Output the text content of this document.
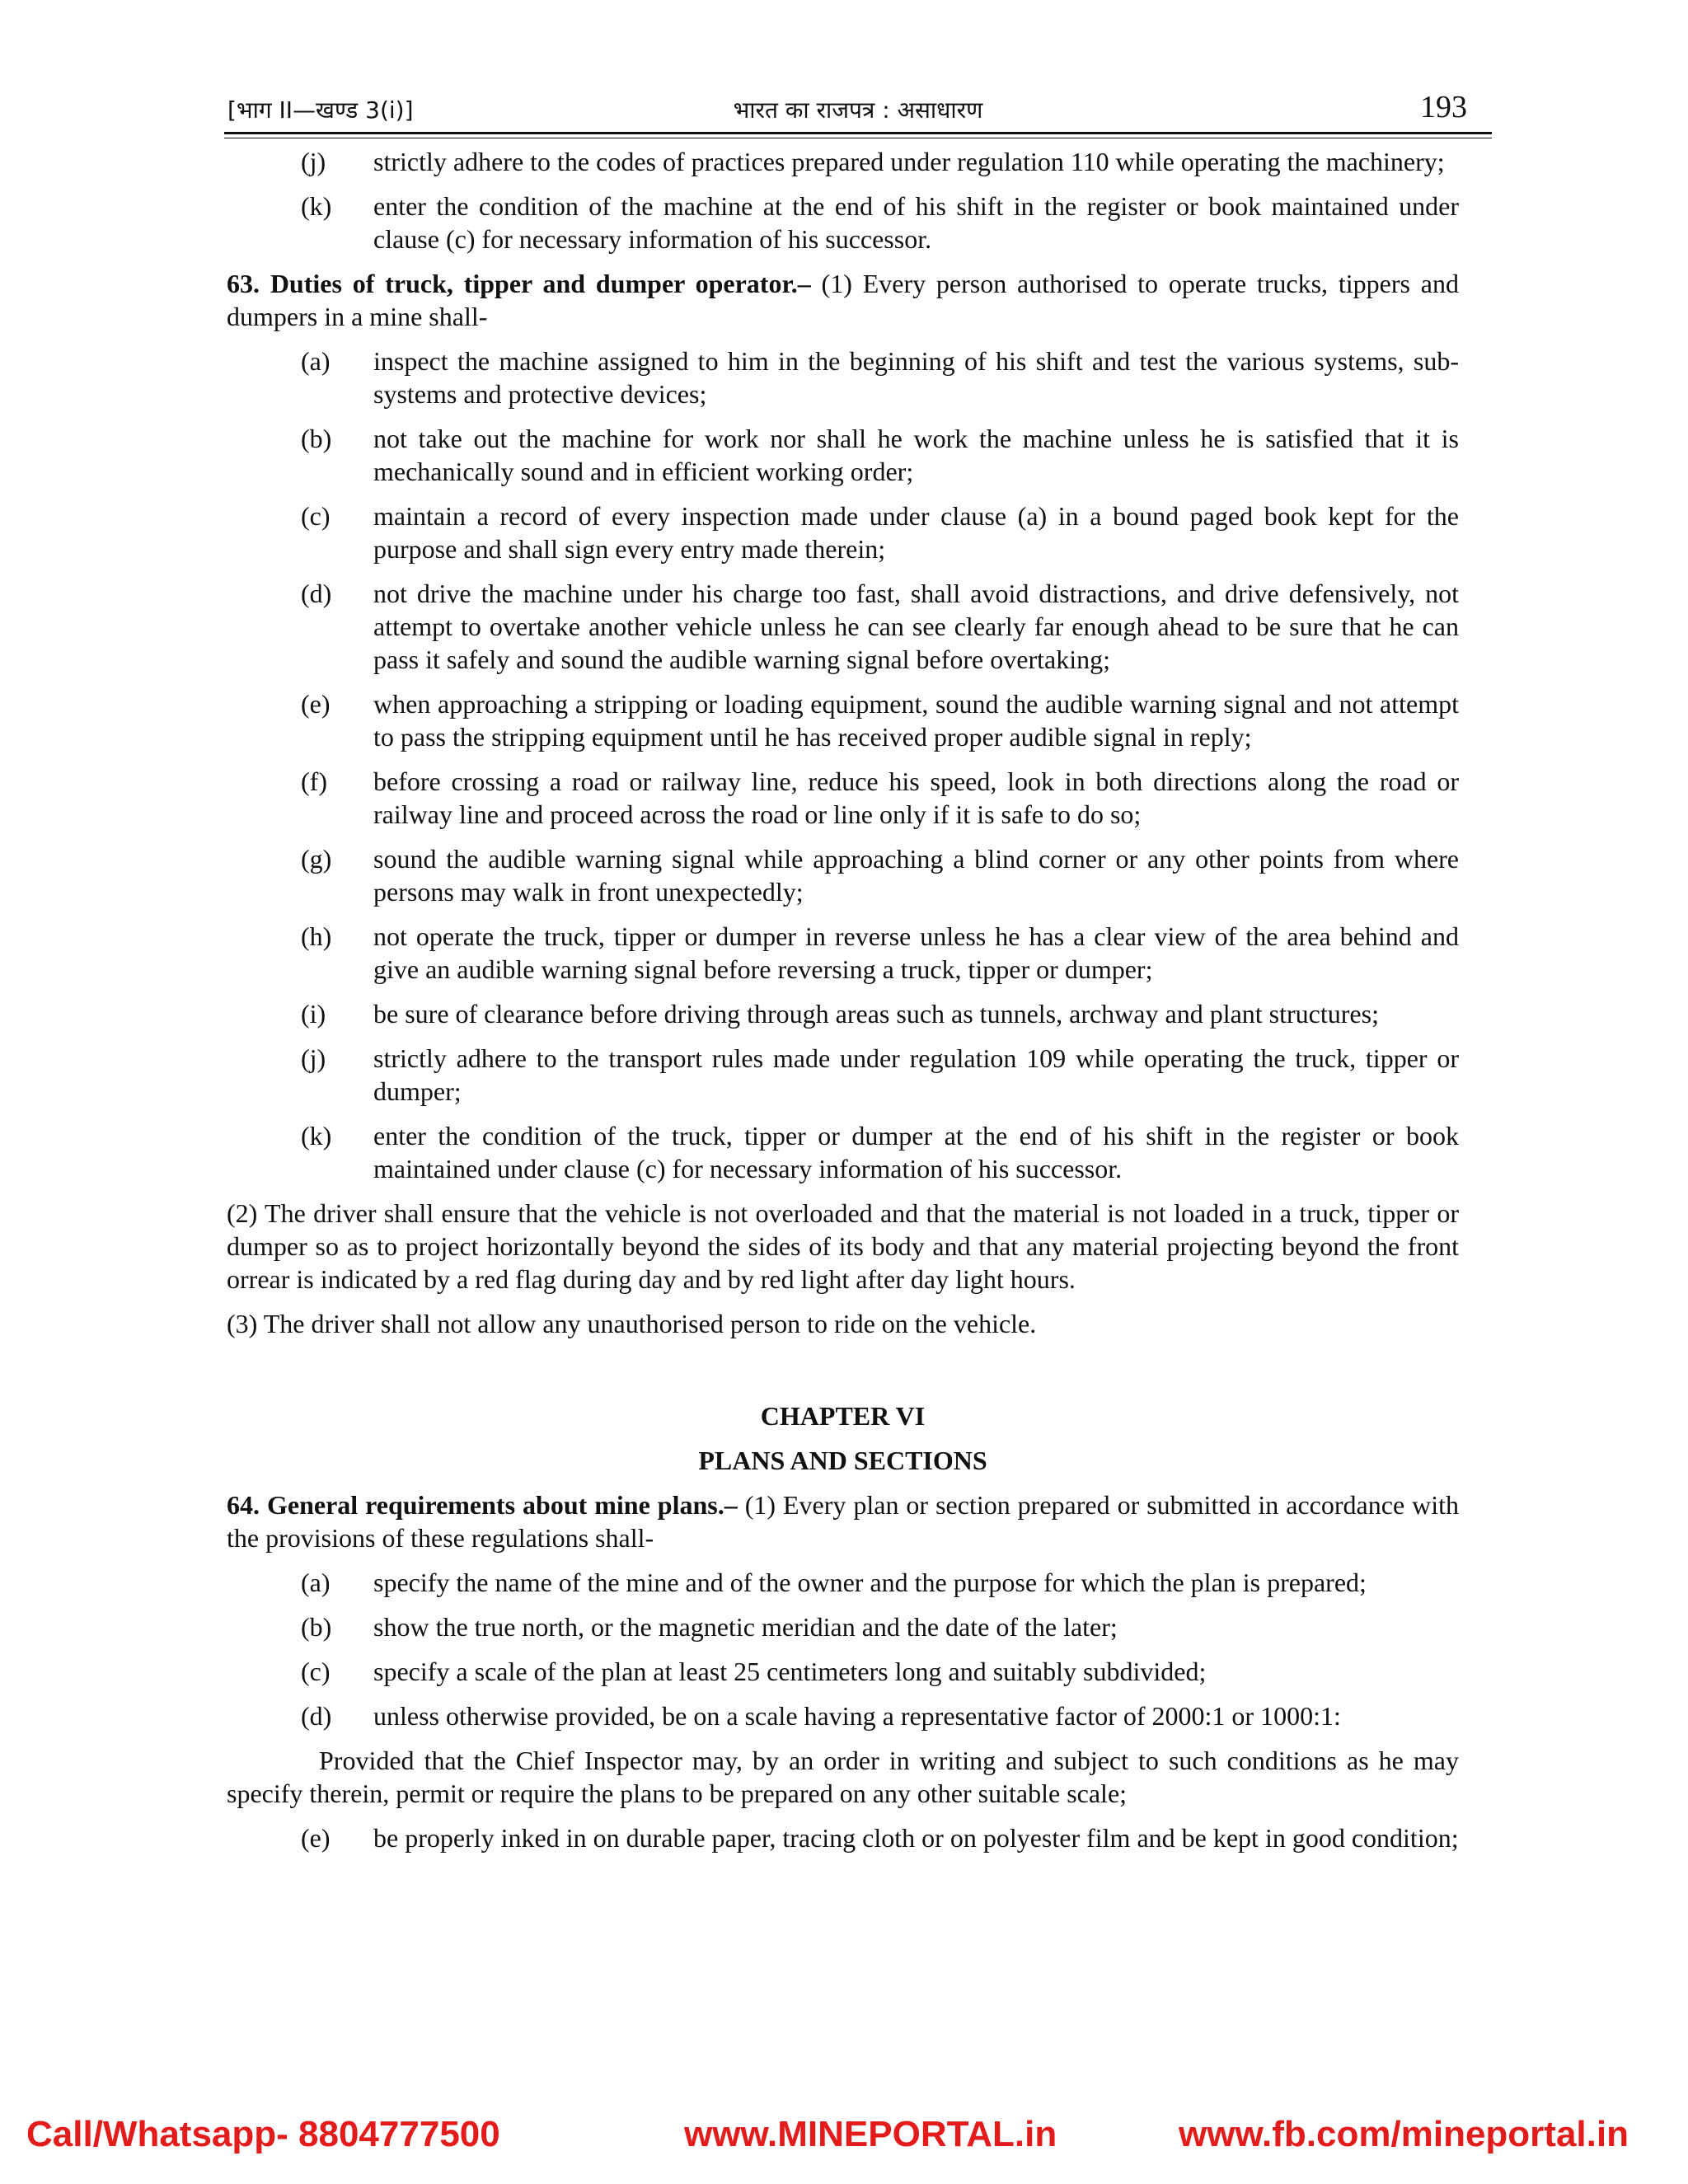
[भाग II—खण्ड 3(i)]	भारत का राजपत्र : असाधारण	193
(j)	strictly adhere to the codes of practices prepared under regulation 110 while operating the machinery;
(k)	enter the condition of the machine at the end of his shift in the register or book maintained under clause (c) for necessary information of his successor.

63. Duties of truck, tipper and dumper operator.– (1) Every person authorised to operate trucks, tippers and dumpers in a mine shall-

(a)	inspect the machine assigned to him in the beginning of his shift and test the various systems, sub-systems and protective devices;
(b)	not take out the machine for work nor shall he work the machine unless he is satisfied that it is mechanically sound and in efficient working order;
(c)	maintain a record of every inspection made under clause (a) in a bound paged book kept for the purpose and shall sign every entry made therein;
(d)	not drive the machine under his charge too fast, shall avoid distractions, and drive defensively, not attempt to overtake another vehicle unless he can see clearly far enough ahead to be sure that he can pass it safely and sound the audible warning signal before overtaking;
(e)	when approaching a stripping or loading equipment, sound the audible warning signal and not attempt to pass the stripping equipment until he has received proper audible signal in reply;
(f)	before crossing a road or railway line, reduce his speed, look in both directions along the road or railway line and proceed across the road or line only if it is safe to do so;
(g)	sound the audible warning signal while approaching a blind corner or any other points from where persons may walk in front unexpectedly;
(h)	not operate the truck, tipper or dumper in reverse unless he has a clear view of the area behind and give an audible warning signal before reversing a truck, tipper or dumper;
(i)	be sure of clearance before driving through areas such as tunnels, archway and plant structures;
(j)	strictly adhere to the transport rules made under regulation 109 while operating the truck, tipper or dumper;
(k)	enter the condition of the truck, tipper or dumper at the end of his shift in the register or book maintained under clause (c) for necessary information of his successor.

(2) The driver shall ensure that the vehicle is not overloaded and that the material is not loaded in a truck, tipper or dumper so as to project horizontally beyond the sides of its body and that any material projecting beyond the front orrear is indicated by a red flag during day and by red light after day light hours.

(3) The driver shall not allow any unauthorised person to ride on the vehicle.

CHAPTER VI

PLANS AND SECTIONS

64. General requirements about mine plans.– (1) Every plan or section prepared or submitted in accordance with the provisions of these regulations shall-

(a)	specify the name of the mine and of the owner and the purpose for which the plan is prepared;
(b)	show the true north, or the magnetic meridian and the date of the later;
(c)	specify a scale of the plan at least 25 centimeters long and suitably subdivided;
(d)	unless otherwise provided, be on a scale having a representative factor of 2000:1 or 1000:1:

Provided that the Chief Inspector may, by an order in writing and subject to such conditions as he may specify therein, permit or require the plans to be prepared on any other suitable scale;

(e)	be properly inked in on durable paper, tracing cloth or on polyester film and be kept in good condition;
Call/Whatsapp- 8804777500	www.MINEPORTAL.in	www.fb.com/mineportal.in
